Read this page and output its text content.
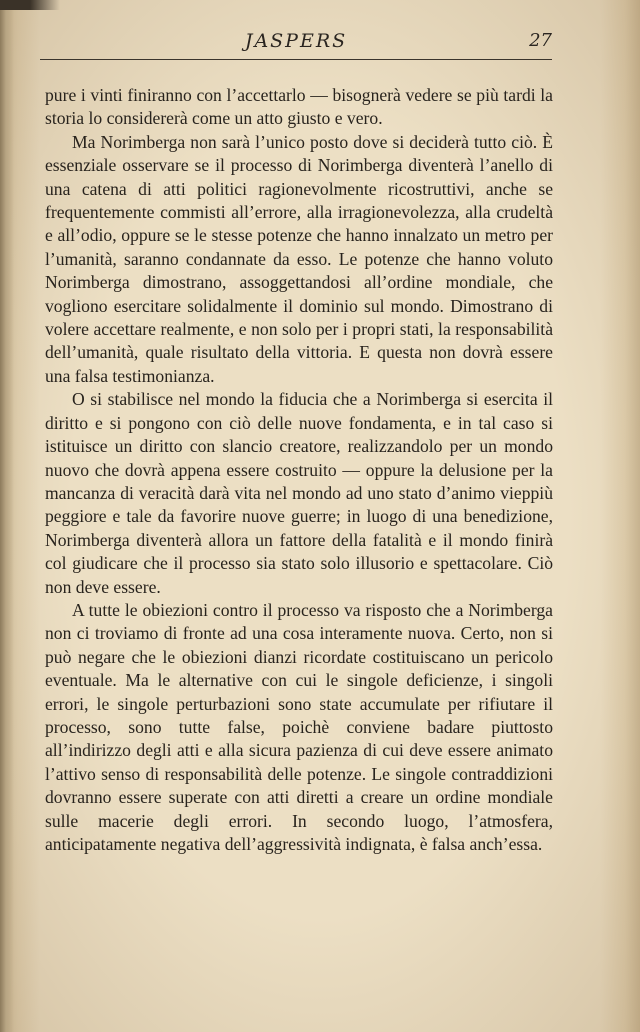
JASPERS	27

pure i vinti finiranno con l’accettarlo — bisognerà vedere se più tardi la storia lo considererà come un atto giusto e vero.

Ma Norimberga non sarà l’unico posto dove si deciderà tutto ciò. È essenziale osservare se il processo di Norimberga diventerà l’anello di una catena di atti politici ragionevolmente ricostruttivi, anche se frequentemente commisti all’errore, alla irragionevolezza, alla crudeltà e all’odio, oppure se le stesse potenze che hanno innalzato un metro per l’umanità, saranno condannate da esso. Le potenze che hanno voluto Norimberga dimostrano, assoggettandosi all’ordine mondiale, che vogliono esercitare solidalmente il dominio sul mondo. Dimostrano di volere accettare realmente, e non solo per i propri stati, la responsabilità dell’umanità, quale risultato della vittoria. E questa non dovrà essere una falsa testimonianza.

O si stabilisce nel mondo la fiducia che a Norimberga si esercita il diritto e si pongono con ciò delle nuove fondamenta, e in tal caso si istituisce un diritto con slancio creatore, realizzandolo per un mondo nuovo che dovrà appena essere costruito — oppure la delusione per la mancanza di veracità darà vita nel mondo ad uno stato d’animo vieppiù peggiore e tale da favorire nuove guerre; in luogo di una benedizione, Norimberga diventerà allora un fattore della fatalità e il mondo finirà col giudicare che il processo sia stato solo illusorio e spettacolare. Ciò non deve essere.

A tutte le obiezioni contro il processo va risposto che a Norimberga non ci troviamo di fronte ad una cosa interamente nuova. Certo, non si può negare che le obiezioni dianzi ricordate costituiscano un pericolo eventuale. Ma le alternative con cui le singole deficienze, i singoli errori, le singole perturbazioni sono state accumulate per rifiutare il processo, sono tutte false, poichè conviene badare piuttosto all’indirizzo degli atti e alla sicura pazienza di cui deve essere animato l’attivo senso di responsabilità delle potenze. Le singole contraddizioni dovranno essere superate con atti diretti a creare un ordine mondiale sulle macerie degli errori. In secondo luogo, l’atmosfera, anticipatamente negativa dell’aggressività indignata, è falsa anch’essa.
